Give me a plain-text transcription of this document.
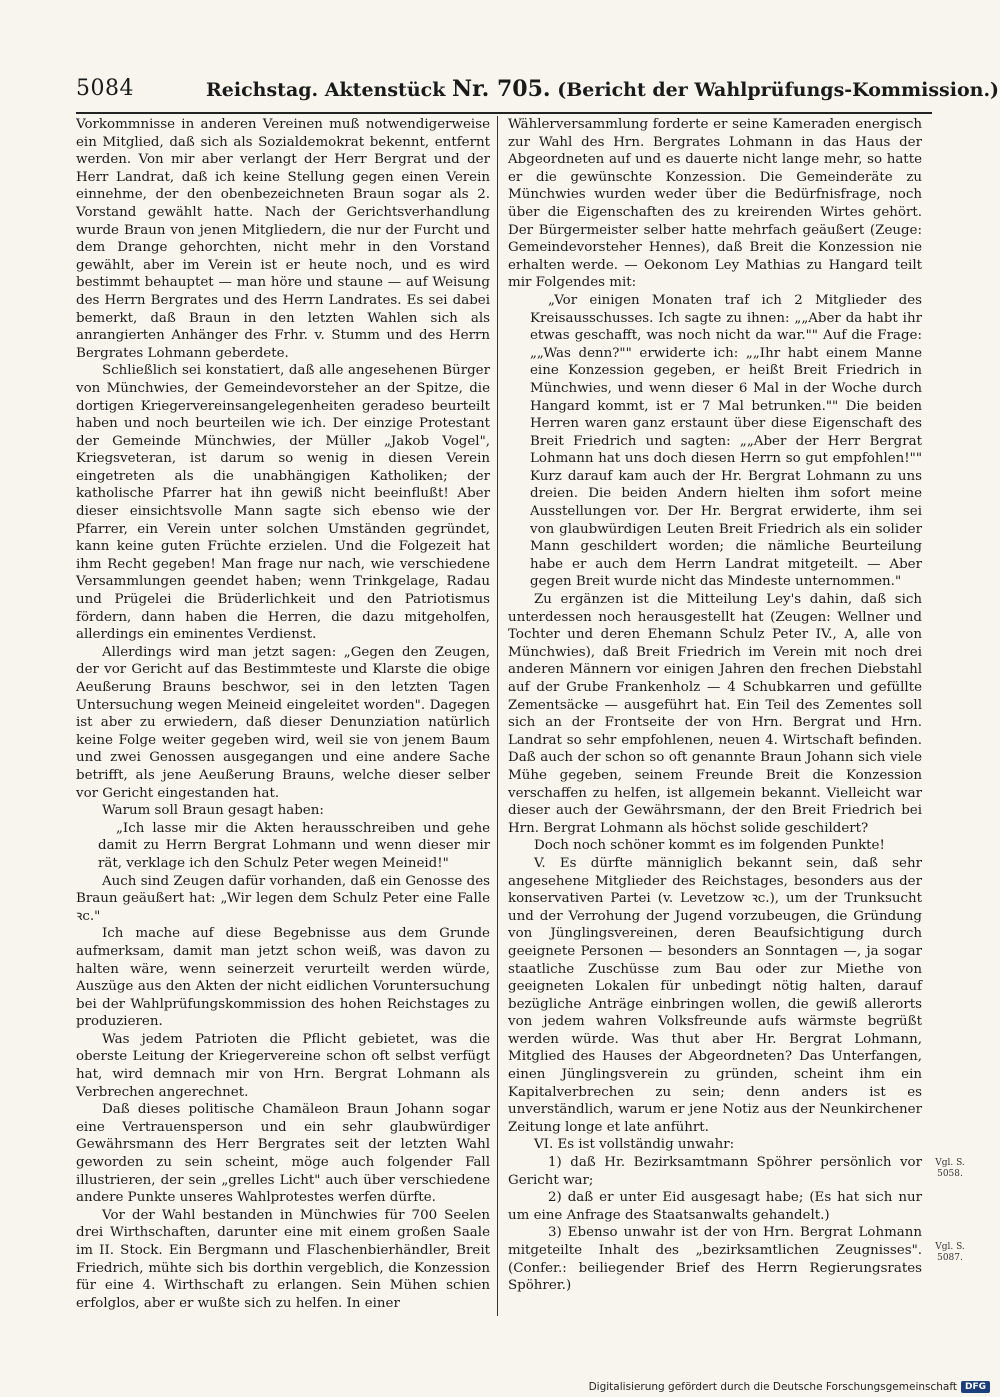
5084	Reichstag. Aktenstück Nr. 705. (Bericht der Wahlprüfungs-Kommission.)

Vorkommnisse in anderen Vereinen muß notwendigerweise ein Mitglied, daß sich als Sozialdemokrat bekennt, entfernt werden. Von mir aber verlangt der Herr Bergrat und der Herr Landrat, daß ich keine Stellung gegen einen Verein einnehme, der den obenbezeichneten Braun sogar als 2. Vorstand gewählt hatte. Nach der Gerichtsverhandlung wurde Braun von jenen Mitgliedern, die nur der Furcht und dem Drange gehorchten, nicht mehr in den Vorstand gewählt, aber im Verein ist er heute noch, und es wird bestimmt behauptet — man höre und staune — auf Weisung des Herrn Bergrates und des Herrn Landrates. Es sei dabei bemerkt, daß Braun in den letzten Wahlen sich als anrangierten Anhänger des Frhr. v. Stumm und des Herrn Bergrates Lohmann geberdete.

Schließlich sei konstatiert, daß alle angesehenen Bürger von Münchwies, der Gemeindevorsteher an der Spitze, die dortigen Kriegervereinsangelegenheiten geradeso beurteilt haben und noch beurteilen wie ich. Der einzige Protestant der Gemeinde Münchwies, der Müller „Jakob Vogel", Kriegsveteran, ist darum so wenig in diesen Verein eingetreten als die unabhängigen Katholiken; der katholische Pfarrer hat ihn gewiß nicht beeinflußt! Aber dieser einsichtsvolle Mann sagte sich ebenso wie der Pfarrer, ein Verein unter solchen Umständen gegründet, kann keine guten Früchte erzielen. Und die Folgezeit hat ihm Recht gegeben! Man frage nur nach, wie verschiedene Versammlungen geendet haben; wenn Trinkgelage, Radau und Prügelei die Brüderlichkeit und den Patriotismus fördern, dann haben die Herren, die dazu mitgeholfen, allerdings ein eminentes Verdienst.

Allerdings wird man jetzt sagen: „Gegen den Zeugen, der vor Gericht auf das Bestimmteste und Klarste die obige Aeußerung Brauns beschwor, sei in den letzten Tagen Untersuchung wegen Meineid eingeleitet worden". Dagegen ist aber zu erwiedern, daß dieser Denunziation natürlich keine Folge weiter gegeben wird, weil sie von jenem Baum und zwei Genossen ausgegangen und eine andere Sache betrifft, als jene Aeußerung Brauns, welche dieser selber vor Gericht eingestanden hat.

Warum soll Braun gesagt haben:

„Ich lasse mir die Akten herausschreiben und gehe damit zu Herrn Bergrat Lohmann und wenn dieser mir rät, verklage ich den Schulz Peter wegen Meineid!"

Auch sind Zeugen dafür vorhanden, daß ein Genosse des Braun geäußert hat: „Wir legen dem Schulz Peter eine Falle ꝛc."

Ich mache auf diese Begebnisse aus dem Grunde aufmerksam, damit man jetzt schon weiß, was davon zu halten wäre, wenn seinerzeit verurteilt werden würde, Auszüge aus den Akten der nicht eidlichen Voruntersuchung bei der Wahlprüfungskommission des hohen Reichstages zu produzieren.

Was jedem Patrioten die Pflicht gebietet, was die oberste Leitung der Kriegervereine schon oft selbst verfügt hat, wird demnach mir von Hrn. Bergrat Lohmann als Verbrechen angerechnet.

Daß dieses politische Chamäleon Braun Johann sogar eine Vertrauensperson und ein sehr glaubwürdiger Gewährsmann des Herr Bergrates seit der letzten Wahl geworden zu sein scheint, möge auch folgender Fall illustrieren, der sein „grelles Licht" auch über verschiedene andere Punkte unseres Wahlprotestes werfen dürfte.

Vor der Wahl bestanden in Münchwies für 700 Seelen drei Wirthschaften, darunter eine mit einem großen Saale im II. Stock. Ein Bergmann und Flaschenbierhändler, Breit Friedrich, mühte sich bis dorthin vergeblich, die Konzession für eine 4. Wirthschaft zu erlangen. Sein Mühen schien erfolglos, aber er wußte sich zu helfen. In einer

Wählerversammlung forderte er seine Kameraden energisch zur Wahl des Hrn. Bergrates Lohmann in das Haus der Abgeordneten auf und es dauerte nicht lange mehr, so hatte er die gewünschte Konzession. Die Gemeinderäte zu Münchwies wurden weder über die Bedürfnisfrage, noch über die Eigenschaften des zu kreirenden Wirtes gehört. Der Bürgermeister selber hatte mehrfach geäußert (Zeuge: Gemeindevorsteher Hennes), daß Breit die Konzession nie erhalten werde. — Oekonom Ley Mathias zu Hangard teilt mir Folgendes mit:

„Vor einigen Monaten traf ich 2 Mitglieder des Kreisausschusses. Ich sagte zu ihnen: „„Aber da habt ihr etwas geschafft, was noch nicht da war."" Auf die Frage: „„Was denn?"" erwiderte ich: „„Ihr habt einem Manne eine Konzession gegeben, er heißt Breit Friedrich in Münchwies, und wenn dieser 6 Mal in der Woche durch Hangard kommt, ist er 7 Mal betrunken."" Die beiden Herren waren ganz erstaunt über diese Eigenschaft des Breit Friedrich und sagten: „„Aber der Herr Bergrat Lohmann hat uns doch diesen Herrn so gut empfohlen!"" Kurz darauf kam auch der Hr. Bergrat Lohmann zu uns dreien. Die beiden Andern hielten ihm sofort meine Ausstellungen vor. Der Hr. Bergrat erwiderte, ihm sei von glaubwürdigen Leuten Breit Friedrich als ein solider Mann geschildert worden; die nämliche Beurteilung habe er auch dem Herrn Landrat mitgeteilt. — Aber gegen Breit wurde nicht das Mindeste unternommen."

Zu ergänzen ist die Mitteilung Ley's dahin, daß sich unterdessen noch herausgestellt hat (Zeugen: Wellner und Tochter und deren Ehemann Schulz Peter IV., A, alle von Münchwies), daß Breit Friedrich im Verein mit noch drei anderen Männern vor einigen Jahren den frechen Diebstahl auf der Grube Frankenholz — 4 Schubkarren und gefüllte Zementsäcke — ausgeführt hat. Ein Teil des Zementes soll sich an der Frontseite der von Hrn. Bergrat und Hrn. Landrat so sehr empfohlenen, neuen 4. Wirtschaft befinden. Daß auch der schon so oft genannte Braun Johann sich viele Mühe gegeben, seinem Freunde Breit die Konzession verschaffen zu helfen, ist allgemein bekannt. Vielleicht war dieser auch der Gewährsmann, der den Breit Friedrich bei Hrn. Bergrat Lohmann als höchst solide geschildert?

Doch noch schöner kommt es im folgenden Punkte!

V. Es dürfte männiglich bekannt sein, daß sehr angesehene Mitglieder des Reichstages, besonders aus der konservativen Partei (v. Levetzow ꝛc.), um der Trunksucht und der Verrohung der Jugend vorzubeugen, die Gründung von Jünglingsvereinen, deren Beaufsichtigung durch geeignete Personen — besonders an Sonntagen —, ja sogar staatliche Zuschüsse zum Bau oder zur Miethe von geeigneten Lokalen für unbedingt nötig halten, darauf bezügliche Anträge einbringen wollen, die gewiß allerorts von jedem wahren Volksfreunde aufs wärmste begrüßt werden würde. Was thut aber Hr. Bergrat Lohmann, Mitglied des Hauses der Abgeordneten? Das Unterfangen, einen Jünglingsverein zu gründen, scheint ihm ein Kapitalverbrechen zu sein; denn anders ist es unverständlich, warum er jene Notiz aus der Neunkirchener Zeitung longe et late anführt.

VI. Es ist vollständig unwahr:

1) daß Hr. Bezirksamtmann Spöhrer persönlich vor Gericht war;

2) daß er unter Eid ausgesagt habe; (Es hat sich nur um eine Anfrage des Staatsanwalts gehandelt.)

3) Ebenso unwahr ist der von Hrn. Bergrat Lohmann mitgeteilte Inhalt des „bezirksamtlichen Zeugnisses". (Confer.: beiliegender Brief des Herrn Regierungsrates Spöhrer.)

Vgl. S. 5058.
Vgl. S. 5087.
Digitalisierung gefördert durch die Deutsche Forschungsgemeinschaft DFG
